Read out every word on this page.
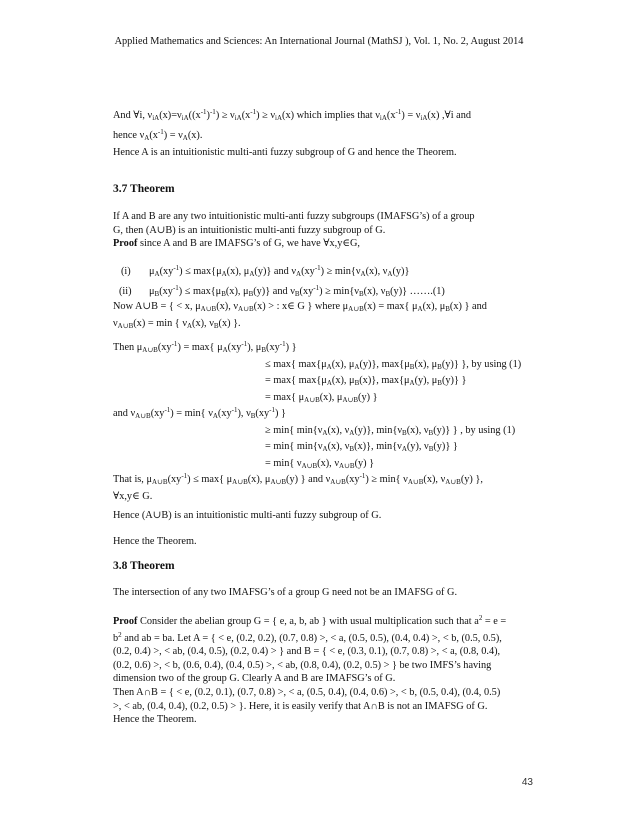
Applied Mathematics and Sciences: An International Journal (MathSJ ), Vol. 1, No. 2, August 2014
And ∀i, $\nu_{iA}(x)=\nu_{iA}((x^{-1})^{-1}) \ge \nu_{iA}(x^{-1}) \ge \nu_{iA}(x)$ which implies that $\nu_{iA}(x^{-1}) = \nu_{iA}(x)$ ,∀i and
hence $\nu_A(x^{-1}) = \nu_A(x)$.
Hence A is an intuitionistic multi-anti fuzzy subgroup of G and hence the Theorem.
3.7 Theorem
If A and B are any two intuitionistic multi-anti fuzzy subgroups (IMAFSG’s) of a group
G, then (A∪B) is an intuitionistic multi-anti fuzzy subgroup of G.
Proof since A and B are IMAFSG’s of G, we have ∀x,y∈G,
(i) $\mu_A(xy^{-1}) \le \max\{\mu_A(x)$, $\mu_A(y)$} and $\nu_A(xy^{-1}) \ge \min\{\nu_A(x)$, $\nu_A(y)$}
(ii) $\mu_B(xy^{-1}) \le \max\{\mu_B(x)$, $\mu_B(y)$} and $\nu_B(xy^{-1}) \ge \min\{\nu_B(x)$, $\nu_B(y)$} …….(1)
Now A∪B = { < x, $\mu_{A\cup B}(x)$, $\nu_{A\cup B}(x)$ > : x∈ G } where $\mu_{A\cup B}(x) = \max${ $\mu_A(x)$, $\mu_B(x)$ } and
$\nu_{A\cup B}(x) = \min$ { $\nu_A(x)$, $\nu_B(x)$ }.
Then $\mu_{A\cup B}(xy^{-1}) = \max${ $\mu_A(xy^{-1})$, $\mu_B(xy^{-1})$ }
≤ max{ $\max\{\mu_A(x)$, $\mu_A(y)$}, $\max\{\mu_B(x)$, $\mu_B(y)$} }, by using (1)
= max{ $\max\{\mu_A(x)$, $\mu_B(x)$}, $\max\{\mu_A(y)$, $\mu_B(y)$} }
= max{ $\mu_{A\cup B}(x)$, $\mu_{A\cup B}(y)$ }
and $\nu_{A\cup B}(xy^{-1}) = \min${ $\nu_A(xy^{-1})$, $\nu_B(xy^{-1})$ }
≥ min{ $\min\{\nu_A(x)$, $\nu_A(y)$}, $\min\{\nu_B(x)$, $\nu_B(y)$} } , by using (1)
= min{ $\min\{\nu_A(x)$, $\nu_B(x)$}, $\min\{\nu_A(y)$, $\nu_B(y)$} }
= min{ $\nu_{A\cup B}(x)$, $\nu_{A\cup B}(y)$ }
That is, $\mu_{A\cup B}(xy^{-1}) \le \max${ $\mu_{A\cup B}(x)$, $\mu_{A\cup B}(y)$ } and $\nu_{A\cup B}(xy^{-1}) \ge \min${ $\nu_{A\cup B}(x)$, $\nu_{A\cup B}(y)$ },
∀x,y∈ G.
Hence (A∪B) is an intuitionistic multi-anti fuzzy subgroup of G.
Hence the Theorem.
3.8 Theorem
The intersection of any two IMAFSG’s of a group G need not be an IMAFSG of G.
Proof Consider the abelian group G = { e, a, b, ab } with usual multiplication such that $a^2 = e$ =
$b^2$ and ab = ba. Let A = { < e, (0.2, 0.2), (0.7, 0.8) >, < a, (0.5, 0.5), (0.4, 0.4) >, < b, (0.5, 0.5),
(0.2, 0.4) >, < ab, (0.4, 0.5), (0.2, 0.4) > } and B = { < e, (0.3, 0.1), (0.7, 0.8) >, < a, (0.8, 0.4),
(0.2, 0.6) >, < b, (0.6, 0.4), (0.4, 0.5) >, < ab, (0.8, 0.4), (0.2, 0.5) > } be two IMFS’s having
dimension two of the group G. Clearly A and B are IMAFSG’s of G.
Then A∩B = { < e, (0.2, 0.1), (0.7, 0.8) >, < a, (0.5, 0.4), (0.4, 0.6) >, < b, (0.5, 0.4), (0.4, 0.5)
>, < ab, (0.4, 0.4), (0.2, 0.5) > }. Here, it is easily verify that A∩B is not an IMAFSG of G.
Hence the Theorem.
43
